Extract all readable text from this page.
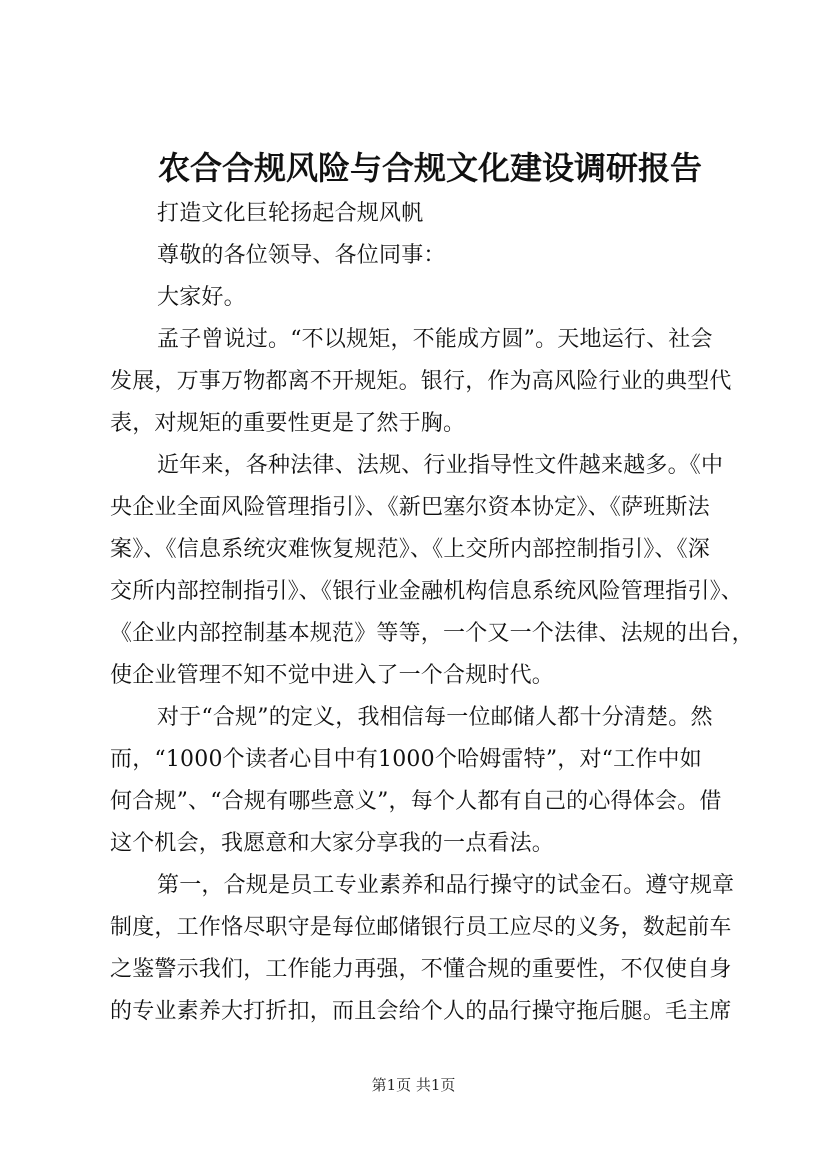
农合合规风险与合规文化建设调研报告
打造文化巨轮扬起合规风帆
尊敬的各位领导、各位同事：
大家好。
孟子曾说过。“不以规矩，不能成方圆”。天地运行、社会
发展，万事万物都离不开规矩。银行，作为高风险行业的典型代
表，对规矩的重要性更是了然于胸。
近年来，各种法律、法规、行业指导性文件越来越多。《中
央企业全面风险管理指引》、《新巴塞尔资本协定》、《萨班斯法
案》、《信息系统灾难恢复规范》、《上交所内部控制指引》、《深
交所内部控制指引》、《银行业金融机构信息系统风险管理指引》、
《企业内部控制基本规范》等等，一个又一个法律、法规的出台，
使企业管理不知不觉中进入了一个合规时代。
对于“合规”的定义，我相信每一位邮储人都十分清楚。然
而，“1000个读者心目中有1000个哈姆雷特”，对“工作中如
何合规”、“合规有哪些意义”，每个人都有自己的心得体会。借
这个机会，我愿意和大家分享我的一点看法。
第一，合规是员工专业素养和品行操守的试金石。遵守规章
制度，工作恪尽职守是每位邮储银行员工应尽的义务，数起前车
之鉴警示我们，工作能力再强，不懂合规的重要性，不仅使自身
的专业素养大打折扣，而且会给个人的品行操守拖后腿。毛主席
第1页 共1页
